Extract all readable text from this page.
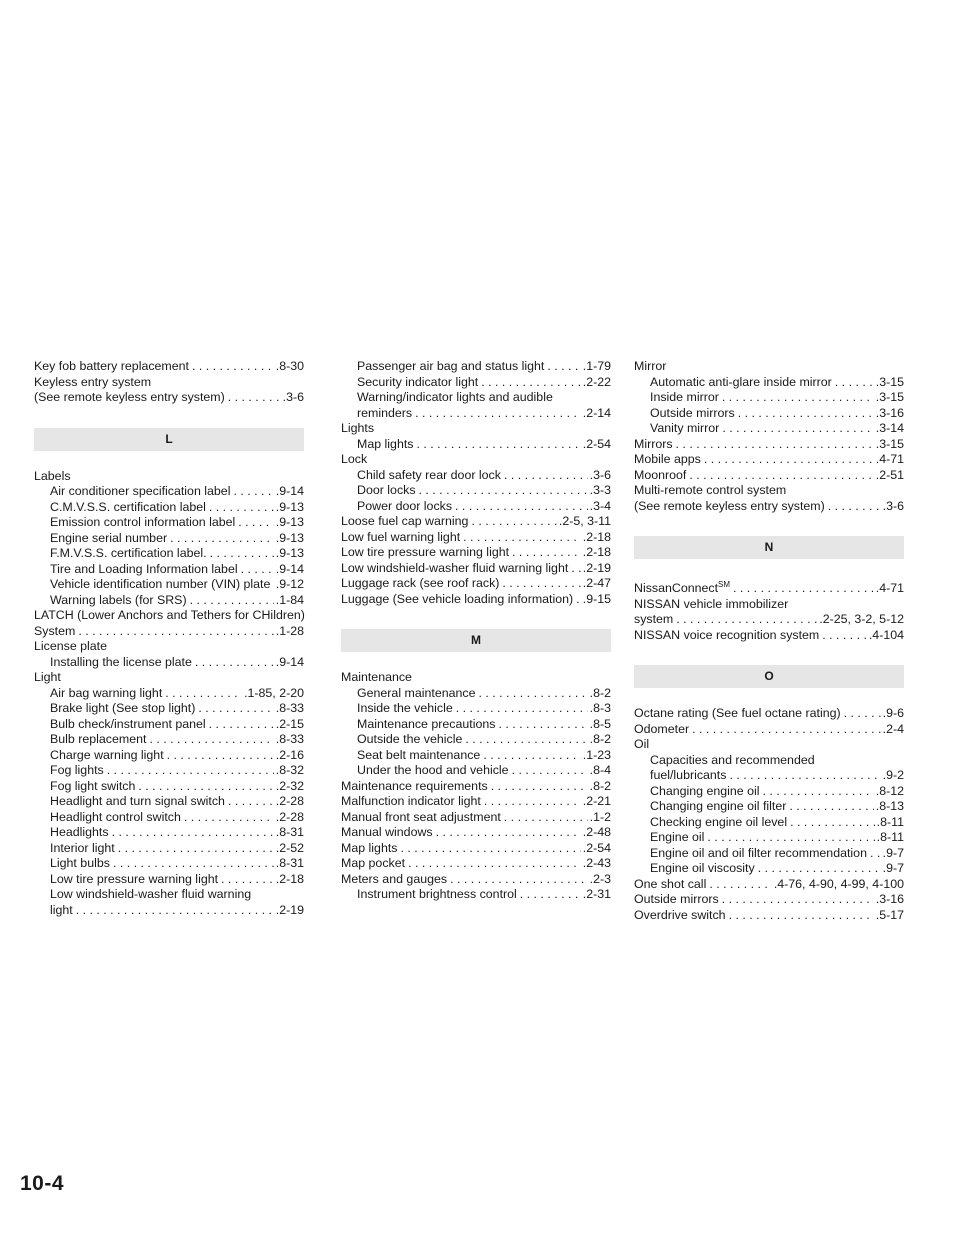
Key fob battery replacement . . .	.8-30
Keyless entry system
(See remote keyless entry system) . . .	.3-6
L
Labels
Air conditioner specification label . . .	.9-14
C.M.V.S.S. certification label . . .	.9-13
Emission control information label . . .	.9-13
Engine serial number . . .	.9-13
F.M.V.S.S. certification label. . . .	.9-13
Tire and Loading Information label . . .	.9-14
Vehicle identification number (VIN) plate . . . .9-12
Warning labels (for SRS) . . .	.1-84
LATCH (Lower Anchors and Tethers for CHildren)
System . . .	.1-28
License plate
Installing the license plate . . .	.9-14
Light
Air bag warning light . . .	.1-85, 2-20
Brake light (See stop light) . . .	.8-33
Bulb check/instrument panel . . .	.2-15
Bulb replacement . . .	.8-33
Charge warning light . . .	.2-16
Fog lights . . .	.8-32
Fog light switch . . .	.2-32
Headlight and turn signal switch . . .	.2-28
Headlight control switch . . .	.2-28
Headlights . . .	.8-31
Interior light . . .	.2-52
Light bulbs . . .	.8-31
Low tire pressure warning light . . .	.2-18
Low windshield-washer fluid warning
light . . .	.2-19
Passenger air bag and status light . . .	.1-79
Security indicator light . . .	.2-22
Warning/indicator lights and audible
reminders . . .	.2-14
Lights
Map lights . . .	.2-54
Lock
Child safety rear door lock . . .	.3-6
Door locks . . .	.3-3
Power door locks . . .	.3-4
Loose fuel cap warning . . .	.2-5, 3-11
Low fuel warning light . . .	.2-18
Low tire pressure warning light . . .	.2-18
Low windshield-washer fluid warning light . . . .2-19
Luggage rack (see roof rack) . . .	.2-47
Luggage (See vehicle loading information) . . . .9-15
M
Maintenance
General maintenance . . .	.8-2
Inside the vehicle . . .	.8-3
Maintenance precautions . . .	.8-5
Outside the vehicle . . .	.8-2
Seat belt maintenance . . .	.1-23
Under the hood and vehicle . . .	.8-4
Maintenance requirements . . .	.8-2
Malfunction indicator light . . .	.2-21
Manual front seat adjustment . . .	.1-2
Manual windows . . .	.2-48
Map lights . . .	.2-54
Map pocket . . .	.2-43
Meters and gauges . . .	.2-3
Instrument brightness control . . .	.2-31
Mirror
Automatic anti-glare inside mirror . . .	.3-15
Inside mirror . . .	.3-15
Outside mirrors . . .	.3-16
Vanity mirror . . .	.3-14
Mirrors . . .	.3-15
Mobile apps . . .	.4-71
Moonroof . . .	.2-51
Multi-remote control system
(See remote keyless entry system) . . .	.3-6
N
NissanConnect℠ . . .	.4-71
NISSAN vehicle immobilizer
system . . .	.2-25, 3-2, 5-12
NISSAN voice recognition system . . .	.4-104
O
Octane rating (See fuel octane rating) . . .	.9-6
Odometer . . .	.2-4
Oil
Capacities and recommended
fuel/lubricants . . .	.9-2
Changing engine oil . . .	.8-12
Changing engine oil filter . . .	.8-13
Checking engine oil level . . .	.8-11
Engine oil . . .	.8-11
Engine oil and oil filter recommendation . . . .9-7
Engine oil viscosity . . .	.9-7
One shot call . . .	.4-76, 4-90, 4-99, 4-100
Outside mirrors . . .	.3-16
Overdrive switch . . .	.5-17
10-4
